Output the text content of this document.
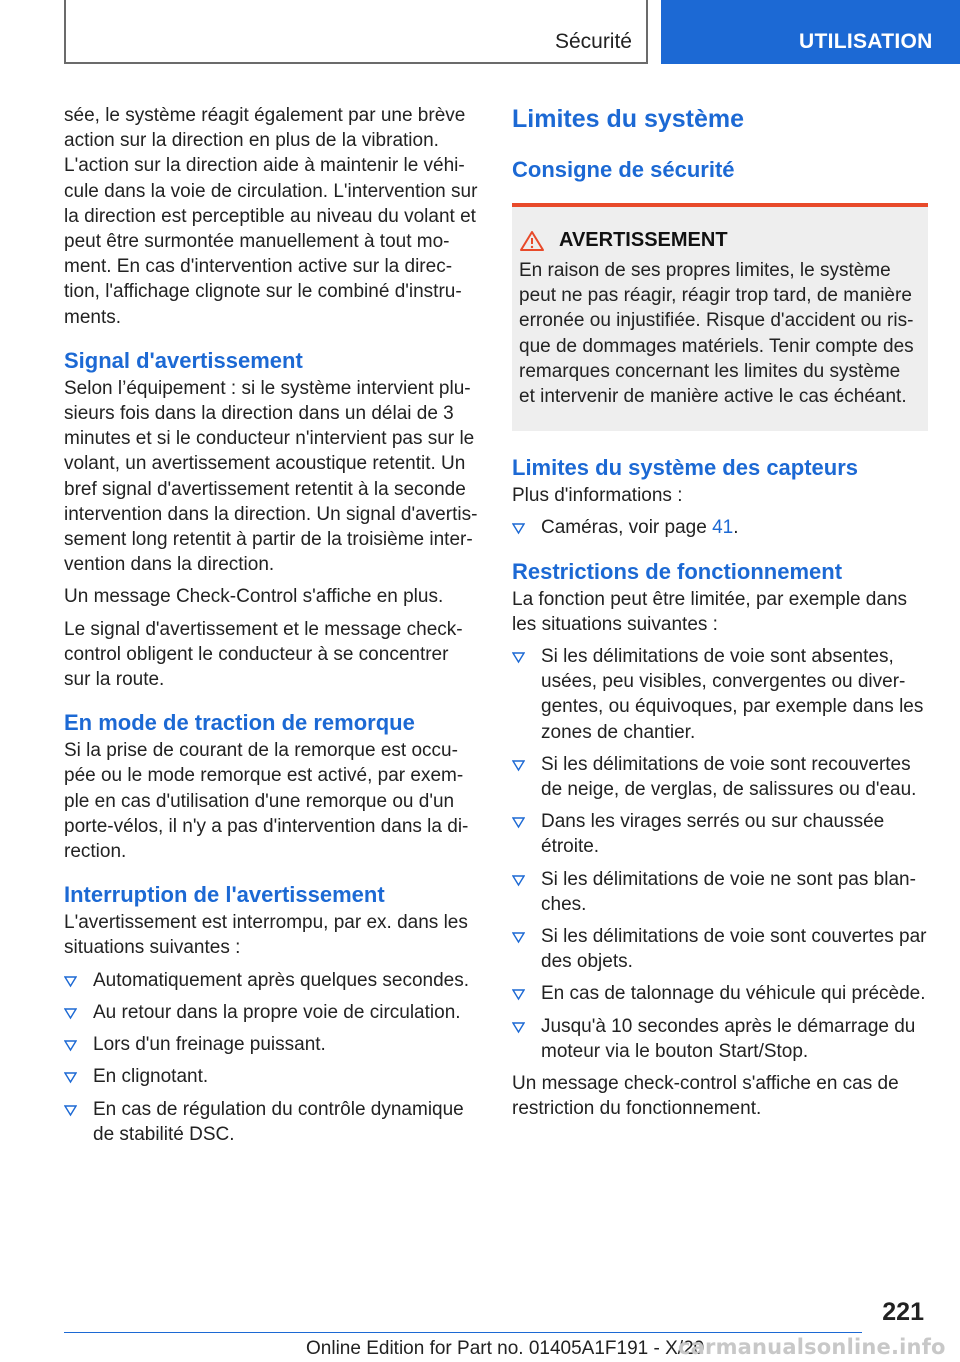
Sécurité	UTILISATION

sée, le système réagit également par une brève action sur la direction en plus de la vibration. L'action sur la direction aide à maintenir le véhi-cule dans la voie de circulation. L'intervention sur la direction est perceptible au niveau du volant et peut être surmontée manuellement à tout mo-ment. En cas d'intervention active sur la direc-tion, l'affichage clignote sur le combiné d'instru-ments.

Signal d'avertissement

Selon l’équipement : si le système intervient plu-sieurs fois dans la direction dans un délai de 3 minutes et si le conducteur n'intervient pas sur le volant, un avertissement acoustique retentit. Un bref signal d'avertissement retentit à la seconde intervention dans la direction. Un signal d'avertis-sement long retentit à partir de la troisième inter-vention dans la direction.

Un message Check-Control s'affiche en plus.

Le signal d'avertissement et le message check-control obligent le conducteur à se concentrer sur la route.

En mode de traction de remorque

Si la prise de courant de la remorque est occu-pée ou le mode remorque est activé, par exem-ple en cas d'utilisation d'une remorque ou d'un porte-vélos, il n'y a pas d'intervention dans la di-rection.

Interruption de l'avertissement

L'avertissement est interrompu, par ex. dans les situations suivantes :

Automatiquement après quelques secondes.
Au retour dans la propre voie de circulation.
Lors d'un freinage puissant.
En clignotant.
En cas de régulation du contrôle dynamique de stabilité DSC.
Limites du système
Consigne de sécurité
AVERTISSEMENT

En raison de ses propres limites, le système peut ne pas réagir, réagir trop tard, de manière erronée ou injustifiée. Risque d'accident ou ris-que de dommages matériels. Tenir compte des remarques concernant les limites du système et intervenir de manière active le cas échéant.

Limites du système des capteurs

Plus d'informations :

Caméras, voir page 41.
Restrictions de fonctionnement

La fonction peut être limitée, par exemple dans les situations suivantes :

Si les délimitations de voie sont absentes, usées, peu visibles, convergentes ou diver-gentes, ou équivoques, par exemple dans les zones de chantier.
Si les délimitations de voie sont recouvertes de neige, de verglas, de salissures ou d'eau.
Dans les virages serrés ou sur chaussée étroite.
Si les délimitations de voie ne sont pas blan-ches.
Si les délimitations de voie sont couvertes par des objets.
En cas de talonnage du véhicule qui précède.
Jusqu'à 10 secondes après le démarrage du moteur via le bouton Start/Stop.

Un message check-control s'affiche en cas de restriction du fonctionnement.

221
Online Edition for Part no. 01405A1F191 - X/20
carmanualsonline.info
